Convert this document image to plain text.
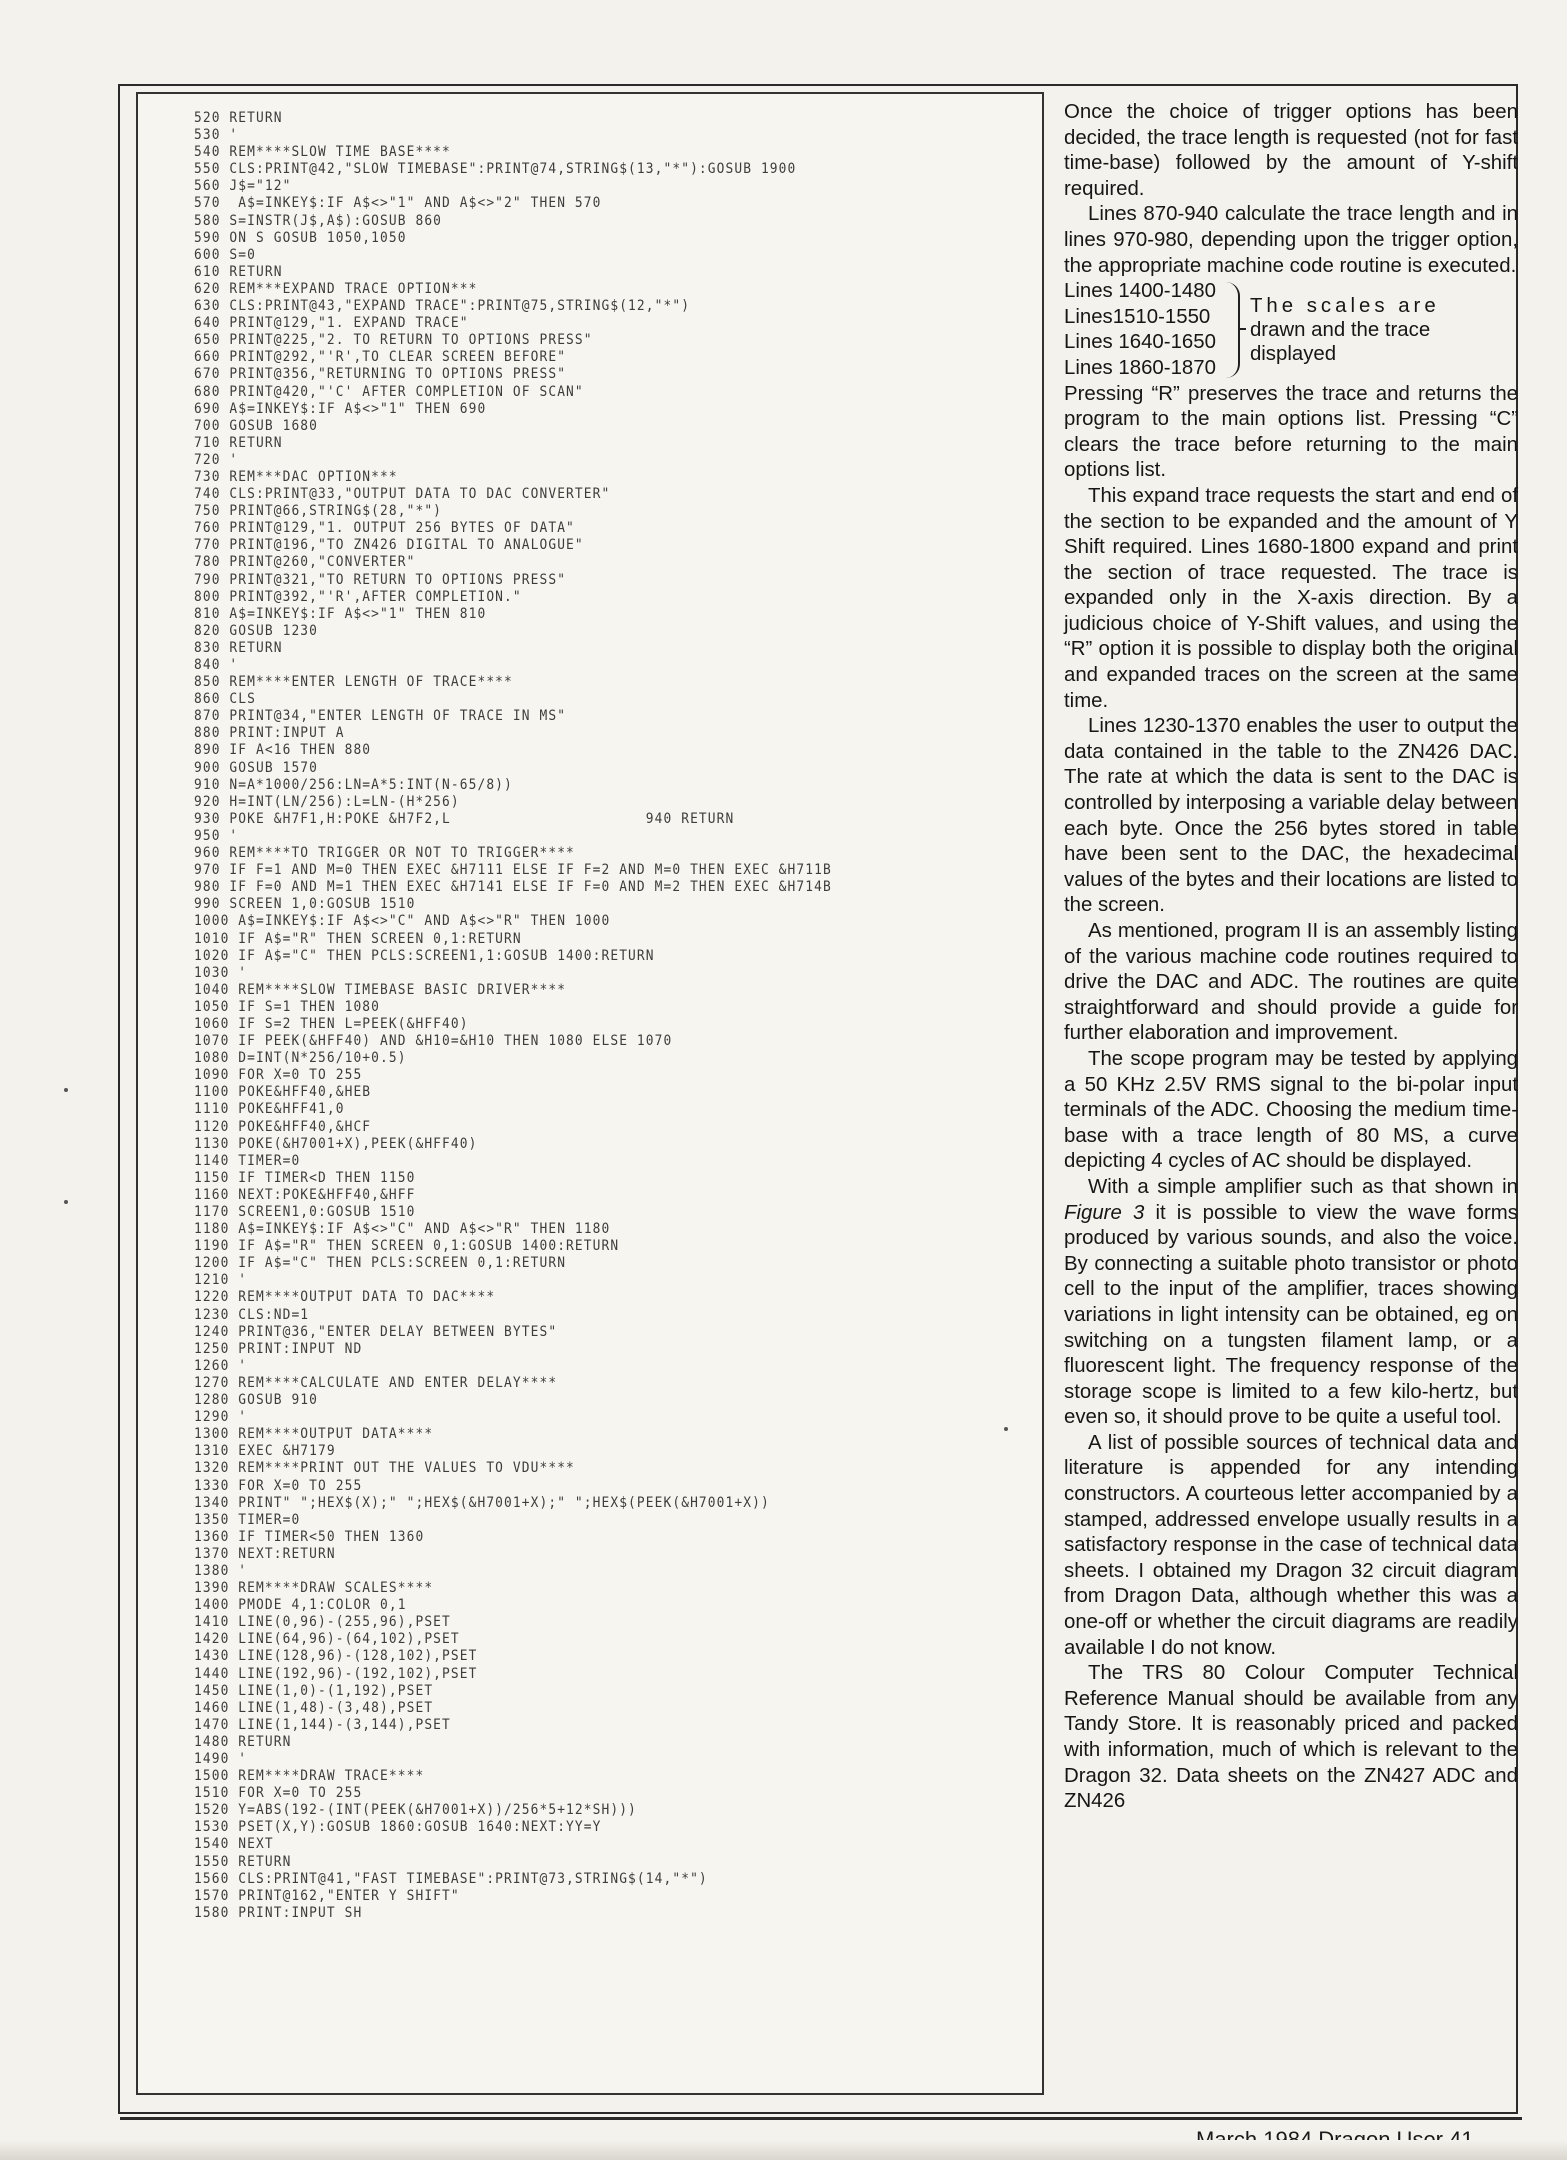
520 RETURN
530 '
540 REM****SLOW TIME BASE****
550 CLS:PRINT@42,"SLOW TIMEBASE":PRINT@74,STRING$(13,"*"):GOSUB 1900
560 J$="12"
570  A$=INKEY$:IF A$<>"1" AND A$<>"2" THEN 570
580 S=INSTR(J$,A$):GOSUB 860
590 ON S GOSUB 1050,1050
600 S=0
610 RETURN
620 REM***EXPAND TRACE OPTION***
630 CLS:PRINT@43,"EXPAND TRACE":PRINT@75,STRING$(12,"*")
640 PRINT@129,"1. EXPAND TRACE"
650 PRINT@225,"2. TO RETURN TO OPTIONS PRESS"
660 PRINT@292,"'R',TO CLEAR SCREEN BEFORE"
670 PRINT@356,"RETURNING TO OPTIONS PRESS"
680 PRINT@420,"'C' AFTER COMPLETION OF SCAN"
690 A$=INKEY$:IF A$<>"1" THEN 690
700 GOSUB 1680
710 RETURN
720 '
730 REM***DAC OPTION***
740 CLS:PRINT@33,"OUTPUT DATA TO DAC CONVERTER"
750 PRINT@66,STRING$(28,"*")
760 PRINT@129,"1. OUTPUT 256 BYTES OF DATA"
770 PRINT@196,"TO ZN426 DIGITAL TO ANALOGUE"
780 PRINT@260,"CONVERTER"
790 PRINT@321,"TO RETURN TO OPTIONS PRESS"
800 PRINT@392,"'R',AFTER COMPLETION."
810 A$=INKEY$:IF A$<>"1" THEN 810
820 GOSUB 1230
830 RETURN
840 '
850 REM****ENTER LENGTH OF TRACE****
860 CLS
870 PRINT@34,"ENTER LENGTH OF TRACE IN MS"
880 PRINT:INPUT A
890 IF A<16 THEN 880
900 GOSUB 1570
910 N=A*1000/256:LN=A*5:INT(N-65/8))
920 H=INT(LN/256):L=LN-(H*256)
930 POKE &H7F1,H:POKE &H7F2,L                      940 RETURN
950 '
960 REM****TO TRIGGER OR NOT TO TRIGGER****
970 IF F=1 AND M=0 THEN EXEC &H7111 ELSE IF F=2 AND M=0 THEN EXEC &H711B
980 IF F=0 AND M=1 THEN EXEC &H7141 ELSE IF F=0 AND M=2 THEN EXEC &H714B
990 SCREEN 1,0:GOSUB 1510
1000 A$=INKEY$:IF A$<>"C" AND A$<>"R" THEN 1000
1010 IF A$="R" THEN SCREEN 0,1:RETURN
1020 IF A$="C" THEN PCLS:SCREEN1,1:GOSUB 1400:RETURN
1030 '
1040 REM****SLOW TIMEBASE BASIC DRIVER****
1050 IF S=1 THEN 1080
1060 IF S=2 THEN L=PEEK(&HFF40)
1070 IF PEEK(&HFF40) AND &H10=&H10 THEN 1080 ELSE 1070
1080 D=INT(N*256/10+0.5)
1090 FOR X=0 TO 255
1100 POKE&HFF40,&HEB
1110 POKE&HFF41,0
1120 POKE&HFF40,&HCF
1130 POKE(&H7001+X),PEEK(&HFF40)
1140 TIMER=0
1150 IF TIMER<D THEN 1150
1160 NEXT:POKE&HFF40,&HFF
1170 SCREEN1,0:GOSUB 1510
1180 A$=INKEY$:IF A$<>"C" AND A$<>"R" THEN 1180
1190 IF A$="R" THEN SCREEN 0,1:GOSUB 1400:RETURN
1200 IF A$="C" THEN PCLS:SCREEN 0,1:RETURN
1210 '
1220 REM****OUTPUT DATA TO DAC****
1230 CLS:ND=1
1240 PRINT@36,"ENTER DELAY BETWEEN BYTES"
1250 PRINT:INPUT ND
1260 '
1270 REM****CALCULATE AND ENTER DELAY****
1280 GOSUB 910
1290 '
1300 REM****OUTPUT DATA****
1310 EXEC &H7179
1320 REM****PRINT OUT THE VALUES TO VDU****
1330 FOR X=0 TO 255
1340 PRINT" ";HEX$(X);" ";HEX$(&H7001+X);" ";HEX$(PEEK(&H7001+X))
1350 TIMER=0
1360 IF TIMER<50 THEN 1360
1370 NEXT:RETURN
1380 '
1390 REM****DRAW SCALES****
1400 PMODE 4,1:COLOR 0,1
1410 LINE(0,96)-(255,96),PSET
1420 LINE(64,96)-(64,102),PSET
1430 LINE(128,96)-(128,102),PSET
1440 LINE(192,96)-(192,102),PSET
1450 LINE(1,0)-(1,192),PSET
1460 LINE(1,48)-(3,48),PSET
1470 LINE(1,144)-(3,144),PSET
1480 RETURN
1490 '
1500 REM****DRAW TRACE****
1510 FOR X=0 TO 255
1520 Y=ABS(192-(INT(PEEK(&H7001+X))/256*5+12*SH)))
1530 PSET(X,Y):GOSUB 1860:GOSUB 1640:NEXT:YY=Y
1540 NEXT
1550 RETURN
1560 CLS:PRINT@41,"FAST TIMEBASE":PRINT@73,STRING$(14,"*")
1570 PRINT@162,"ENTER Y SHIFT"
1580 PRINT:INPUT SH

Once the choice of trigger options has been decided, the trace length is requested (not for fast time-base) followed by the amount of Y-shift required.

Lines 870-940 calculate the trace length and in lines 970-980, depending upon the trigger option, the appropriate machine code routine is executed.

Lines 1400-1480
Lines1510-1550
Lines 1640-1650
Lines 1860-1870
The scales are drawn and the trace displayed

Pressing “R” preserves the trace and returns the program to the main options list. Pressing “C” clears the trace before returning to the main options list.

This expand trace requests the start and end of the section to be expanded and the amount of Y Shift required. Lines 1680-1800 expand and print the section of trace requested. The trace is expanded only in the X-axis direction. By a judicious choice of Y-Shift values, and using the “R” option it is possible to display both the original and expanded traces on the screen at the same time.

Lines 1230-1370 enables the user to output the data contained in the table to the ZN426 DAC. The rate at which the data is sent to the DAC is controlled by interposing a variable delay between each byte. Once the 256 bytes stored in table have been sent to the DAC, the hexadecimal values of the bytes and their locations are listed to the screen.

As mentioned, program II is an assembly listing of the various machine code routines required to drive the DAC and ADC. The routines are quite straightforward and should provide a guide for further elaboration and improvement.

The scope program may be tested by applying a 50 KHz 2.5V RMS signal to the bi-polar input terminals of the ADC. Choosing the medium time-base with a trace length of 80 MS, a curve depicting 4 cycles of AC should be displayed.

With a simple amplifier such as that shown in Figure 3 it is possible to view the wave forms produced by various sounds, and also the voice. By connecting a suitable photo transistor or photo cell to the input of the amplifier, traces showing variations in light intensity can be obtained, eg on switching on a tungsten filament lamp, or a fluorescent light. The frequency response of the storage scope is limited to a few kilo-hertz, but even so, it should prove to be quite a useful tool.

A list of possible sources of technical data and literature is appended for any intending constructors. A courteous letter accompanied by a stamped, addressed envelope usually results in a satisfactory response in the case of technical data sheets. I obtained my Dragon 32 circuit diagram from Dragon Data, although whether this was a one-off or whether the circuit diagrams are readily available I do not know.

The TRS 80 Colour Computer Technical Reference Manual should be available from any Tandy Store. It is reasonably priced and packed with information, much of which is relevant to the Dragon 32. Data sheets on the ZN427 ADC and ZN426
